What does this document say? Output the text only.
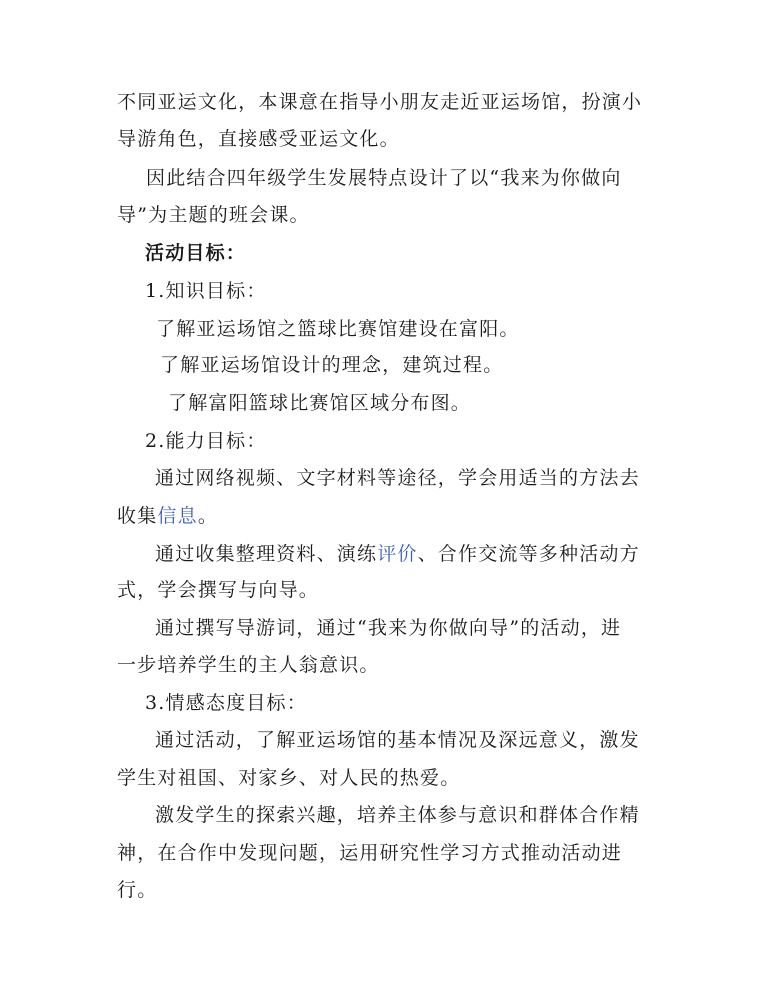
不同亚运文化，本课意在指导小朋友走近亚运场馆，扮演小
导游角色，直接感受亚运文化。
因此结合四年级学生发展特点设计了以“我来为你做向
导”为主题的班会课。
活动目标：
1.知识目标：
了解亚运场馆之篮球比赛馆建设在富阳。
了解亚运场馆设计的理念，建筑过程。
了解富阳篮球比赛馆区域分布图。
2.能力目标：
通过网络视频、文字材料等途径，学会用适当的方法去
收集信息。
通过收集整理资料、演练评价、合作交流等多种活动方
式，学会撰写与向导。
通过撰写导游词，通过“我来为你做向导”的活动，进
一步培养学生的主人翁意识。
3.情感态度目标：
通过活动，了解亚运场馆的基本情况及深远意义，激发
学生对祖国、对家乡、对人民的热爱。
激发学生的探索兴趣，培养主体参与意识和群体合作精
神，在合作中发现问题，运用研究性学习方式推动活动进
行。
